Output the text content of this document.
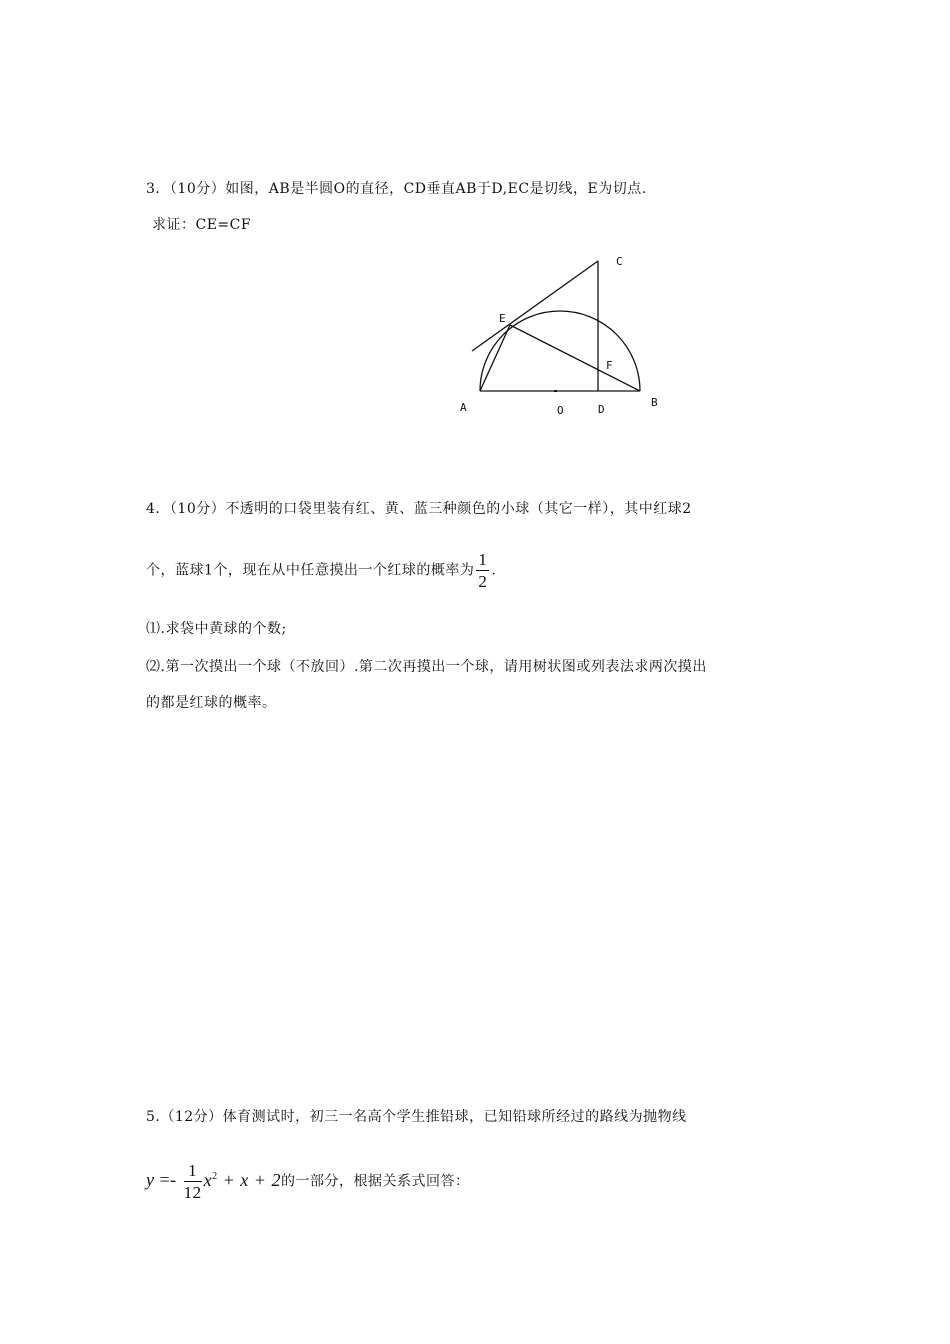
3．（10分）如图，AB是半圆O的直径，CD垂直AB于D,EC是切线，E为切点.
求证：CE=CF
A	O	D
B
C
E
F
4．（10分）不透明的口袋里装有红、黄、蓝三种颜色的小球（其它一样），其中红球2
个，蓝球1个，现在从中任意摸出一个红球的概率为 $\frac{1}{2}$ .
⑴.求袋中黄球的个数;
⑵.第一次摸出一个球（不放回）.第二次再摸出一个球，请用树状图或列表法求两次摸出
的都是红球的概率。
5.（12分）体育测试时，初三一名高个学生推铅球，已知铅球所经过的路线为抛物线
$y =- \frac{1}{12} x^2 + x + 2$的一部分，根据关系式回答：
